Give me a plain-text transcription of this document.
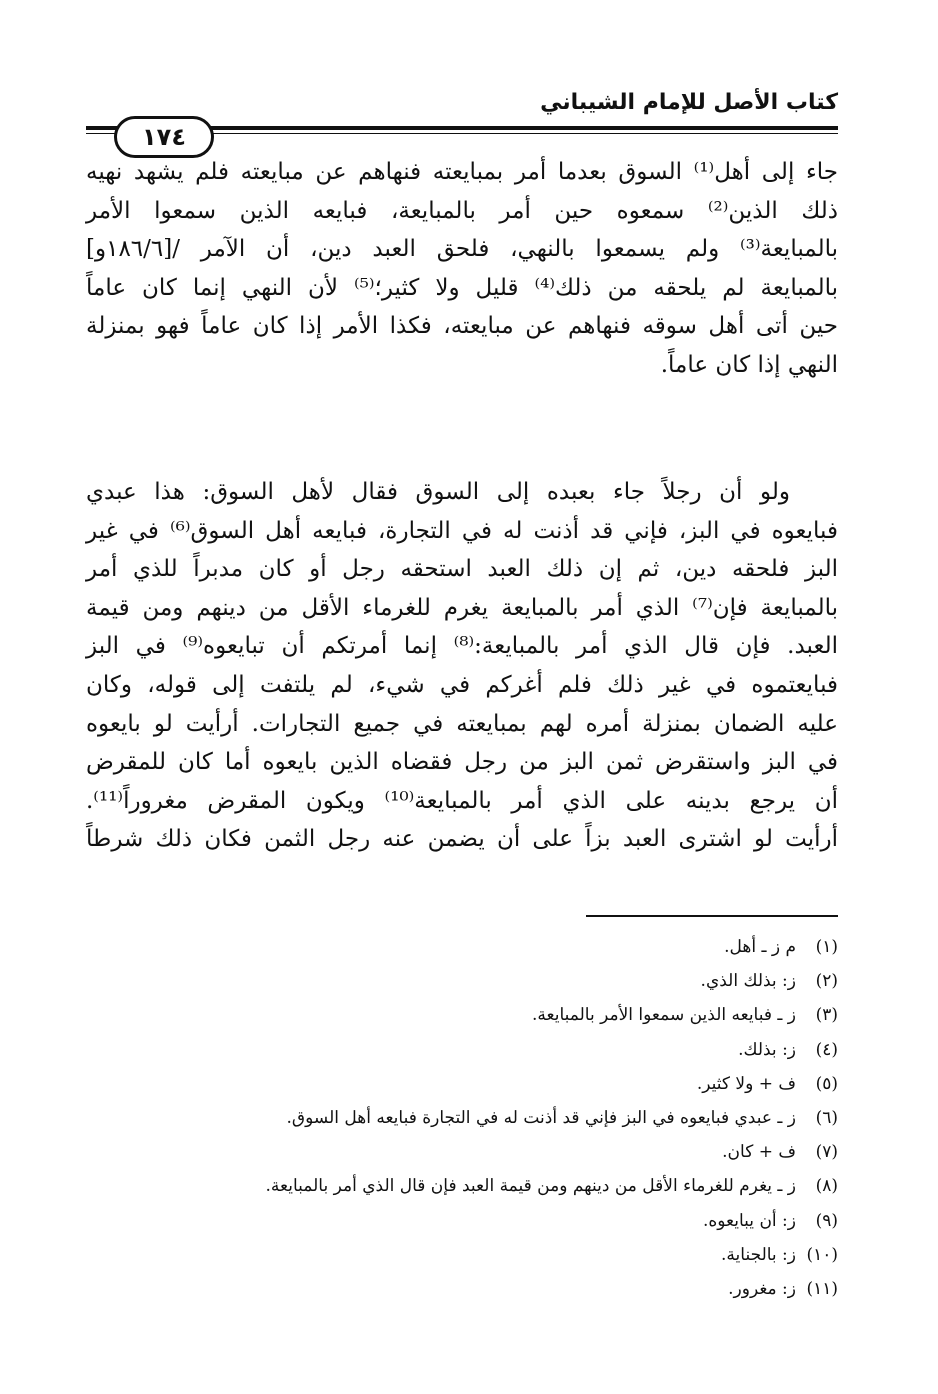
كتاب الأصل للإمام الشيباني
١٧٤
جاء إلى أهل⁽¹⁾ السوق بعدما أمر بمبايعته فنهاهم عن مبايعته فلم يشهد نهيه
ذلك الذين⁽²⁾ سمعوه حين أمر بالمبايعة، فبايعه الذين سمعوا الأمر
بالمبايعة⁽³⁾ ولم يسمعوا بالنهي، فلحق العبد دين، أن الآمر /[١٨٦/٦و]
بالمبايعة لم يلحقه من ذلك⁽⁴⁾ قليل ولا كثير؛⁽⁵⁾ لأن النهي إنما كان عاماً
حين أتى أهل سوقه فنهاهم عن مبايعته، فكذا الأمر إذا كان عاماً فهو بمنزلة
النهي إذا كان عاماً.
ولو أن رجلاً جاء بعبده إلى السوق فقال لأهل السوق: هذا عبدي
فبايعوه في البز، فإني قد أذنت له في التجارة، فبايعه أهل السوق⁽⁶⁾ في غير
البز فلحقه دين، ثم إن ذلك العبد استحقه رجل أو كان مدبراً للذي أمر
بالمبايعة فإن⁽⁷⁾ الذي أمر بالمبايعة يغرم للغرماء الأقل من دينهم ومن قيمة
العبد. فإن قال الذي أمر بالمبايعة:⁽⁸⁾ إنما أمرتكم أن تبايعوه⁽⁹⁾ في البز
فبايعتموه في غير ذلك فلم أغركم في شيء، لم يلتفت إلى قوله، وكان
عليه الضمان بمنزلة أمره لهم بمبايعته في جميع التجارات. أرأيت لو بايعوه
في البز واستقرض ثمن البز من رجل فقضاه الذين بايعوه أما كان للمقرض
أن يرجع بدينه على الذي أمر بالمبايعة⁽¹⁰⁾ ويكون المقرض مغروراً⁽¹¹⁾.
أرأيت لو اشترى العبد بزاً على أن يضمن عنه رجل الثمن فكان ذلك شرطاً
(١)م ز ـ أهل.
(٢)ز: بذلك الذي.
(٣)ز ـ فبايعه الذين سمعوا الأمر بالمبايعة.
(٤)ز: بذلك.
(٥)ف + ولا كثير.
(٦)ز ـ عبدي فبايعوه في البز فإني قد أذنت له في التجارة فبايعه أهل السوق.
(٧)ف + كان.
(٨)ز ـ يغرم للغرماء الأقل من دينهم ومن قيمة العبد فإن قال الذي أمر بالمبايعة.
(٩)ز: أن يبايعوه.
(١٠)ز: بالجناية.
(١١)ز: مغرور.
